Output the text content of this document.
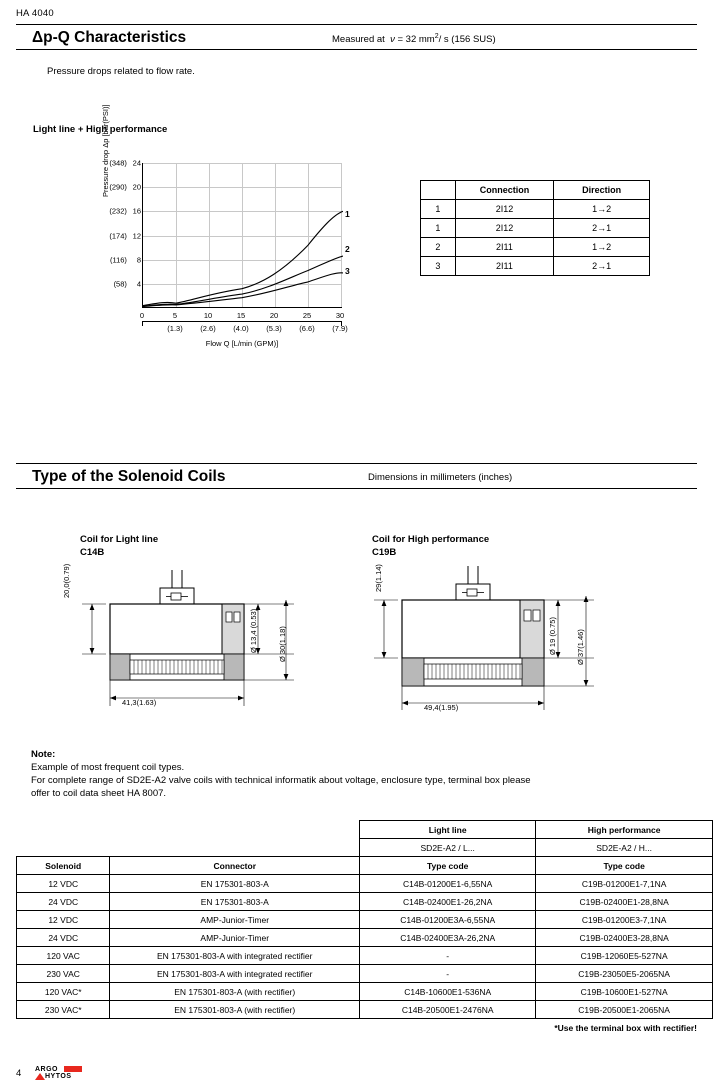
HA 4040
Δp-Q Characteristics	Measured at ν = 32 $mm^2/$ s (156 SUS)
Pressure drops related to flow rate.
Light line + High performance
(348) 24
(290) 20
(232) 16
(174) 12
(116) 8
(58) 4
Pressure drop Δp [bar(PSI)]
0	5	10	15	20	25	30
(1.3) (2.6) (4.0) (5.3) (6.6) (7.9)
Flow Q [L/min (GPM)]
1
2
3
	Connection	Direction
1	2I12	1→2
1	2I12	2→1
2	2I11	1→2
3	2I11	2→1
Type of the Solenoid Coils	Dimensions in millimeters (inches)
Coil for Light line
C14B
20,0(0.79)
Ø 13,4 (0.53)	Ø 30(1.18)
41,3(1.63)
Coil for High performance
C19B
29(1.14)
Ø 19 (0.75)	Ø 37(1.46)
49,4(1.95)
Note:
Example of most frequent coil types.
For complete range of SD2E-A2 valve coils with technical informatik about voltage, enclosure type, terminal box please
offer to coil data sheet HA 8007.
		Light line	High performance
		SD2E-A2 / L...	SD2E-A2 / H...
Solenoid	Connector	Type code	Type code
12 VDC	EN 175301-803-A	C14B-01200E1-6,55NA	C19B-01200E1-7,1NA
24 VDC	EN 175301-803-A	C14B-02400E1-26,2NA	C19B-02400E1-28,8NA
12 VDC	AMP-Junior-Timer	C14B-01200E3A-6,55NA	C19B-01200E3-7,1NA
24 VDC	AMP-Junior-Timer	C14B-02400E3A-26,2NA	C19B-02400E3-28,8NA
120 VAC	EN 175301-803-A with integrated rectifier	-	C19B-12060E5-527NA
230 VAC	EN 175301-803-A with integrated rectifier	-	C19B-23050E5-2065NA
120 VAC*	EN 175301-803-A (with rectifier)	C14B-10600E1-536NA	C19B-10600E1-527NA
230 VAC*	EN 175301-803-A (with rectifier)	C14B-20500E1-2476NA	C19B-20500E1-2065NA
*Use the terminal box with rectifier!
4 ARGO
HYTOS
